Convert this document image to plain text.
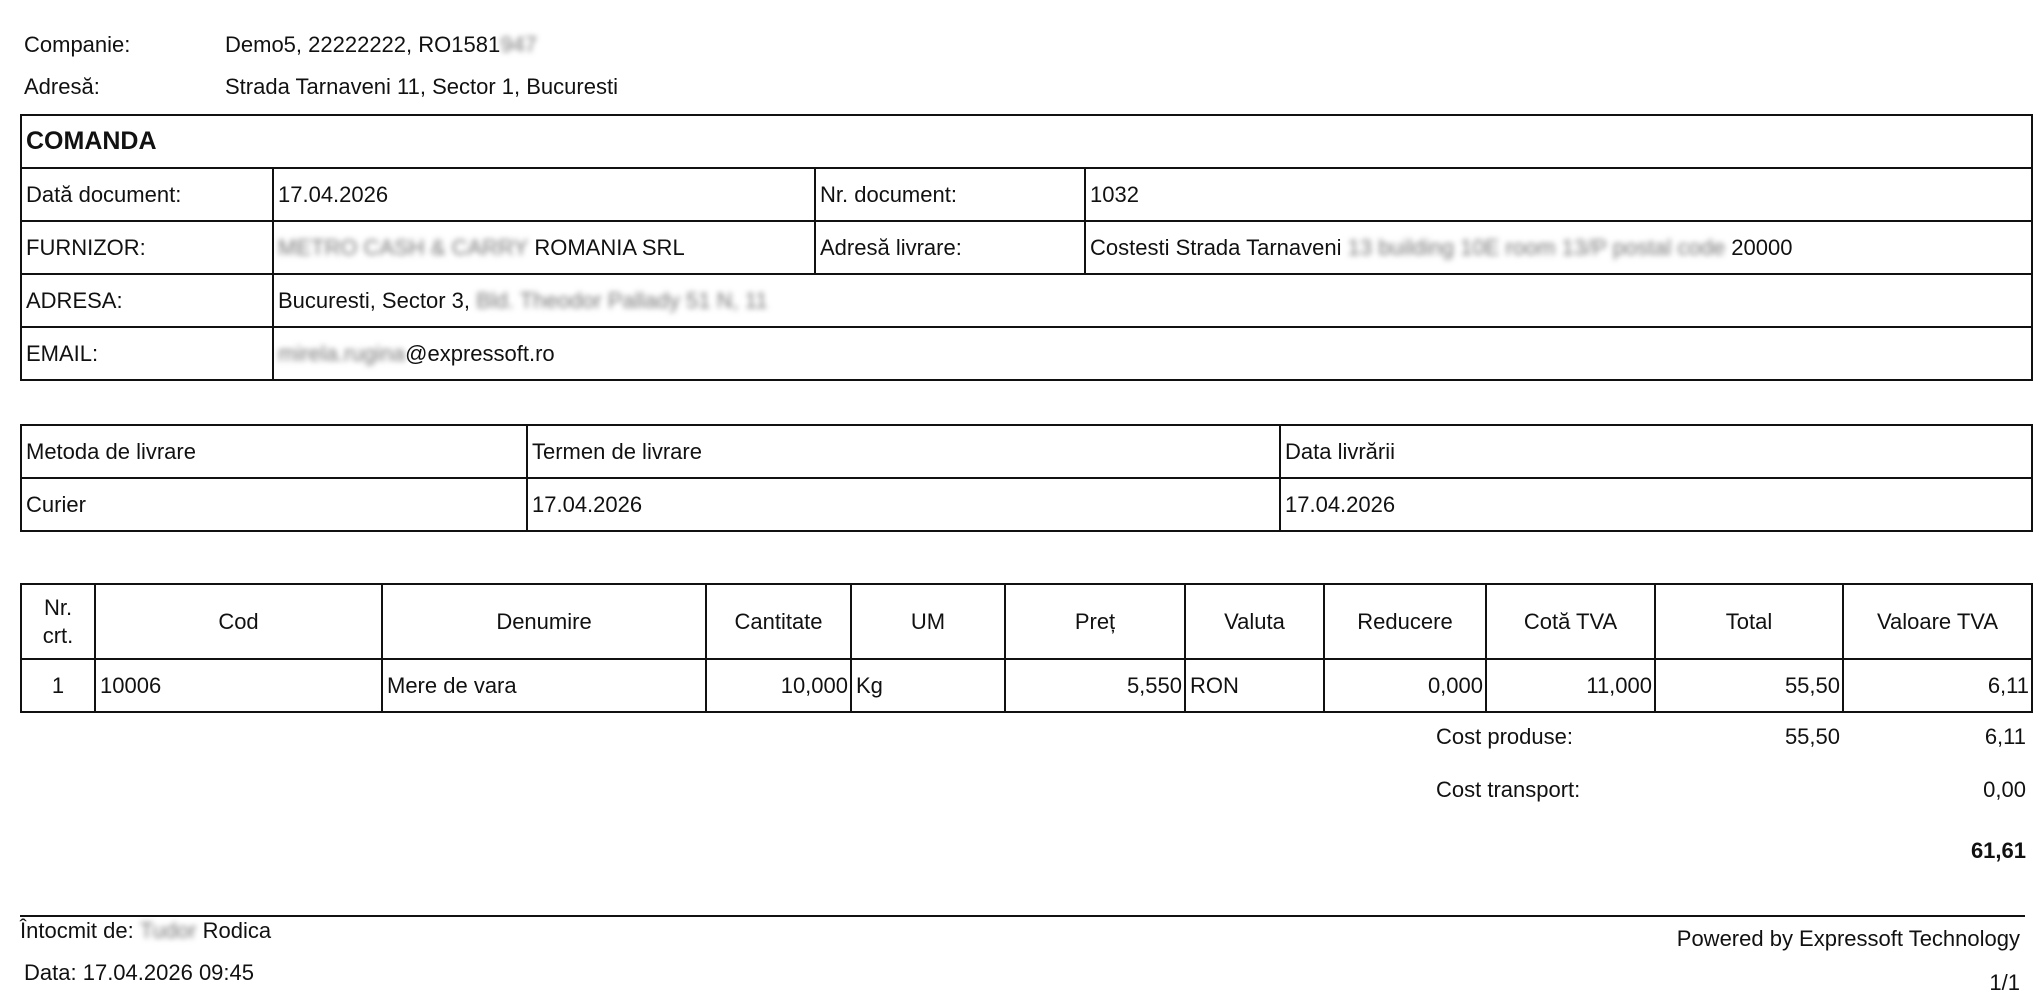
Companie:	Demo5, 22222222, RO1581947
Adresă:	Strada Tarnaveni 11, Sector 1, Bucuresti
COMANDA			
Dată document:	17.04.2026	Nr. document:	1032
FURNIZOR:	METRO CASH & CARRY ROMANIA SRL	Adresă livrare:	Costesti Strada Tarnaveni 13 building 10E room 13/P postal code 20000
ADRESA:	Bucuresti, Sector 3, Bld. Theodor Pallady 51 N, 11		
EMAIL:	mirela.rugina@expressoft.ro		
Metoda de livrare	Termen de livrare	Data livrării
Curier	17.04.2026	17.04.2026
Nr. crt.	Cod	Denumire	Cantitate	UM	Preț	Valuta	Reducere	Cotă TVA	Total	Valoare TVA
1	10006	Mere de vara	10,000	Kg	5,550	RON	0,000	11,000	55,50	6,11
Cost produse:	55,50	6,11
Cost transport:	0,00
61,61
Întocmit de: Tudor Rodica
Data: 17.04.2026 09:45
Powered by Expressoft Technology
1/1
